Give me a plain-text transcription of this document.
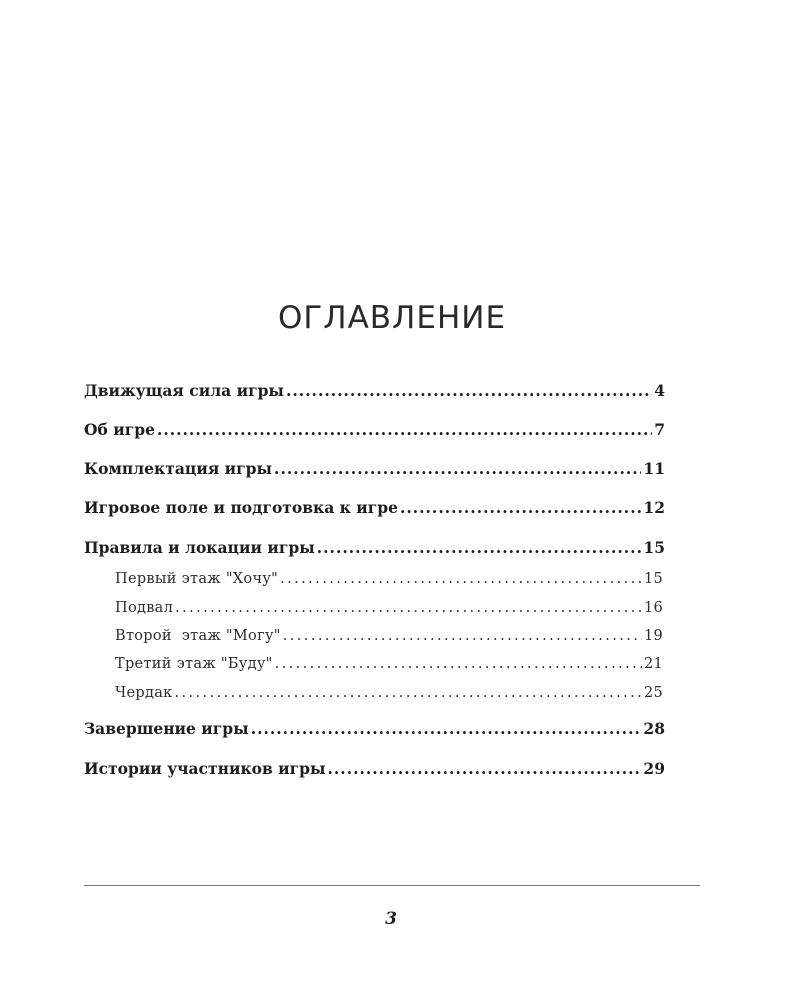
ОГЛАВЛЕНИЕ
Движущая сила игры .....	4
Об игре .....	7
Комплектация игры .....	11
Игровое поле и подготовка к игре .....	12
Правила и локации игры .....	15
Первый этаж "Хочу" .....	15
Подвал .....	16
Второй  этаж "Могу" .....	19
Третий этаж "Буду" .....	21
Чердак .....	25
Завершение игры .....	28
Истории участников игры .....	29
3
